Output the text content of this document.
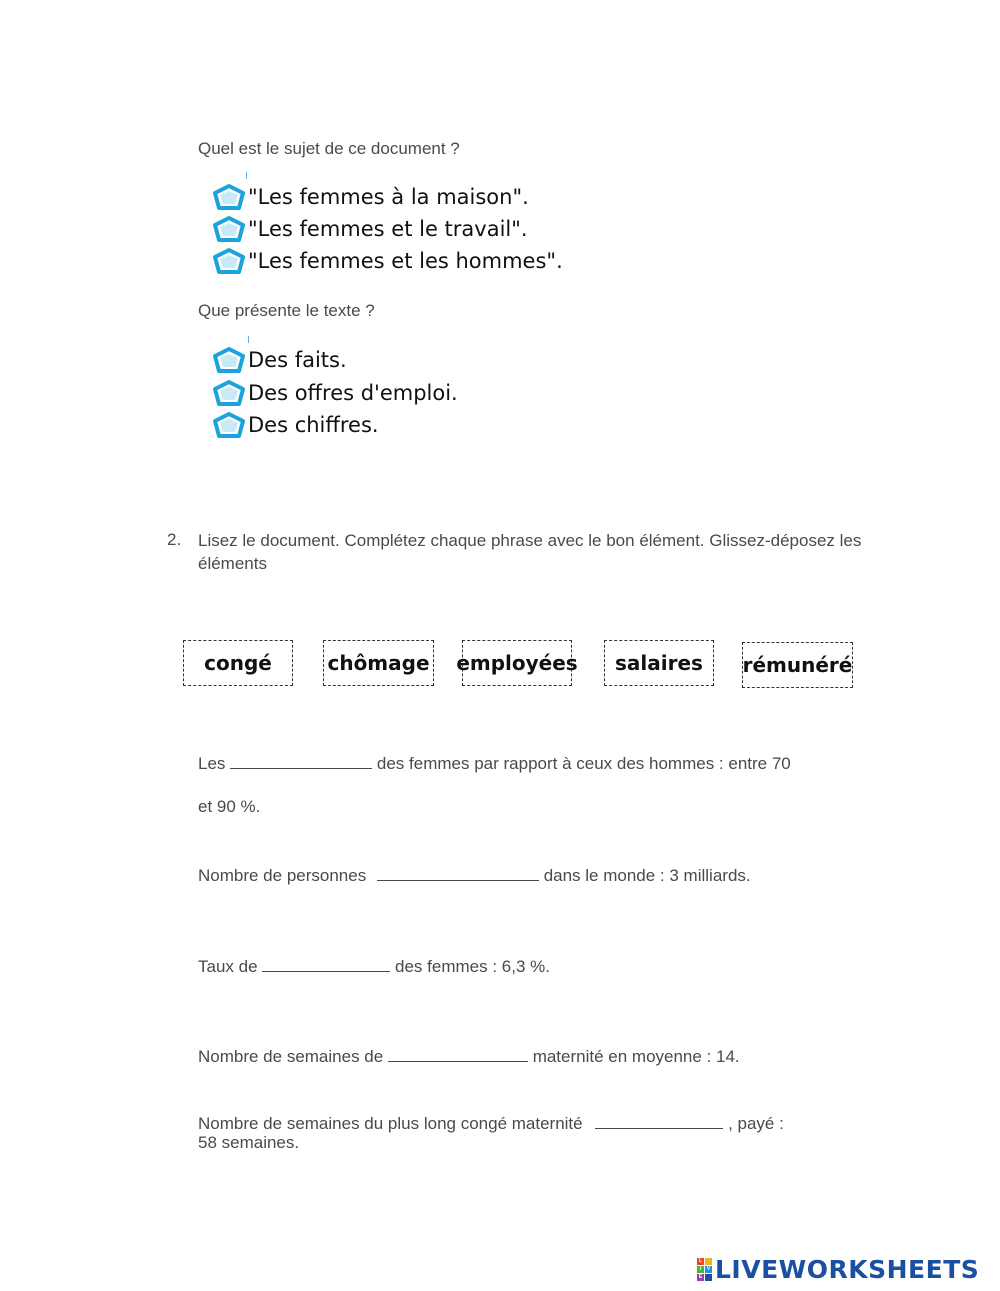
Quel est le sujet de ce document ?
"Les femmes à la maison".
"Les femmes et le travail".
"Les femmes et les hommes".
Que présente le texte ?
Des faits.
Des offres d'emploi.
Des chiffres.
2. Lisez le document. Complétez chaque phrase avec le bon élément. Glissez-déposez les éléments
congé	chômage employées	salaires	rémunéré
Les	des femmes par rapport à ceux des hommes : entre 70
et 90 %.
Nombre de personnes	dans le monde : 3 milliards.
Taux de	des femmes : 6,3 %.
Nombre de semaines de	maternité en moyenne : 14.
Nombre de semaines du plus long congé maternité	, payé :
58 semaines.
L
I	V
E LIVEWORKSHEETS
